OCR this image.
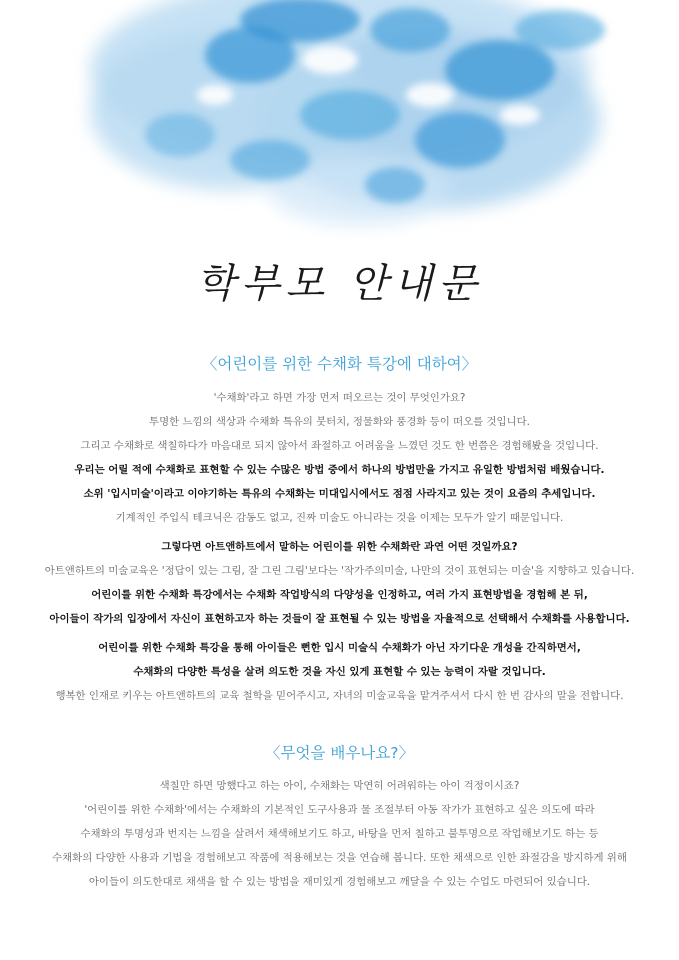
학부모 안내문
〈어린이를 위한 수채화 특강에 대하여〉
'수채화'라고 하면 가장 먼저 떠오르는 것이 무엇인가요?
투명한 느낌의 색상과 수채화 특유의 붓터치, 정물화와 풍경화 등이 떠오를 것입니다.
그리고 수채화로 색칠하다가 마음대로 되지 않아서 좌절하고 어려움을 느꼈던 것도 한 번쯤은 경험해봤을 것입니다.
우리는 어릴 적에 수채화로 표현할 수 있는 수많은 방법 중에서 하나의 방법만을 가지고 유일한 방법처럼 배웠습니다.
소위 '입시미술'이라고 이야기하는 특유의 수채화는 미대입시에서도 점점 사라지고 있는 것이 요즘의 추세입니다.
기계적인 주입식 테크닉은 감동도 없고, 진짜 미술도 아니라는 것을 이제는 모두가 알기 때문입니다.
그렇다면 아트앤하트에서 말하는 어린이를 위한 수채화란 과연 어떤 것일까요?
아트앤하트의 미술교육은 '정답이 있는 그림, 잘 그린 그림'보다는 '작가주의미술, 나만의 것이 표현되는 미술'을 지향하고 있습니다.
어린이를 위한 수채화 특강에서는 수채화 작업방식의 다양성을 인정하고, 여러 가지 표현방법을 경험해 본 뒤,
아이들이 작가의 입장에서 자신이 표현하고자 하는 것들이 잘 표현될 수 있는 방법을 자율적으로 선택해서 수채화를 사용합니다.
어린이를 위한 수채화 특강을 통해 아이들은 뻔한 입시 미술식 수채화가 아닌 자기다운 개성을 간직하면서,
수채화의 다양한 특성을 살려 의도한 것을 자신 있게 표현할 수 있는 능력이 자랄 것입니다.
행복한 인재로 키우는 아트앤하트의 교육 철학을 믿어주시고, 자녀의 미술교육을 맡겨주셔서 다시 한 번 감사의 말을 전합니다.
〈무엇을 배우나요?〉
색칠만 하면 망했다고 하는 아이, 수채화는 막연히 어려워하는 아이 걱정이시죠?
'어린이를 위한 수채화'에서는 수채화의 기본적인 도구사용과 물 조절부터 아동 작가가 표현하고 싶은 의도에 따라
수채화의 투명성과 번지는 느낌을 살려서 채색해보기도 하고, 바탕을 먼저 칠하고 불투명으로 작업해보기도 하는 등
수채화의 다양한 사용과 기법을 경험해보고 작품에 적용해보는 것을 연습해 봅니다. 또한 채색으로 인한 좌절감을 방지하게 위해
아이들이 의도한대로 채색을 할 수 있는 방법을 재미있게 경험해보고 깨달을 수 있는 수업도 마련되어 있습니다.
